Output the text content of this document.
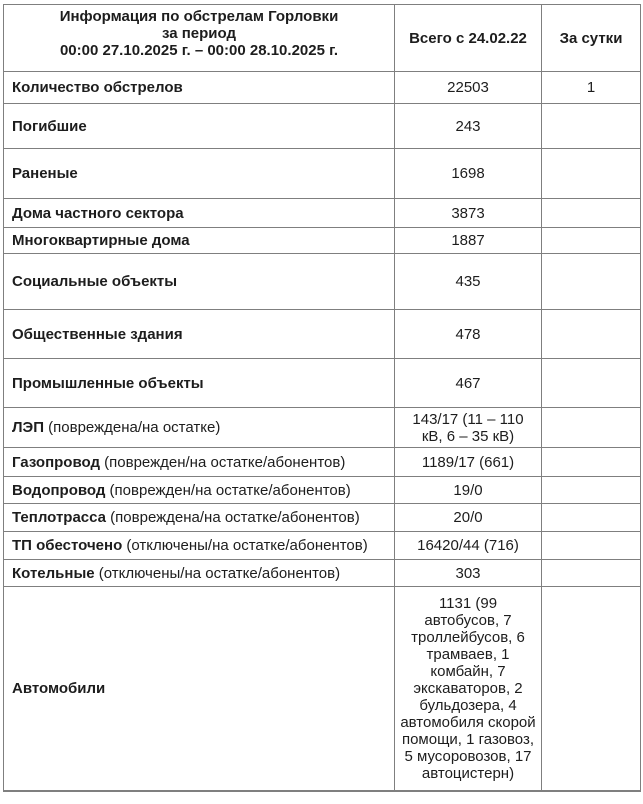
Информация по обстрелам Горловки
за период
00:00 27.10.2025 г. – 00:00 28.10.2025 г.	Всего с 24.02.22	За сутки
Количество обстрелов	22503	1
Погибшие	243	
Раненые	1698	
Дома частного сектора	3873	
Многоквартирные дома	1887	
Социальные объекты	435	
Общественные здания	478	
Промышленные объекты	467	
ЛЭП (повреждена/на остатке)	143/17 (11 – 110 кВ, 6 – 35 кВ)	
Газопровод (поврежден/на остатке/абонентов)	1189/17 (661)	
Водопровод (поврежден/на остатке/абонентов)	19/0	
Теплотрасса (повреждена/на остатке/абонентов)	20/0	
ТП обесточено (отключены/на остатке/абонентов)	16420/44 (716)	
Котельные (отключены/на остатке/абонентов)	303	
Автомобили	1131 (99 автобусов, 7 троллейбусов, 6 трамваев, 1 комбайн, 7 экскаваторов, 2 бульдозера, 4 автомобиля скорой помощи, 1 газовоз, 5 мусоровозов, 17 автоцистерн)	
